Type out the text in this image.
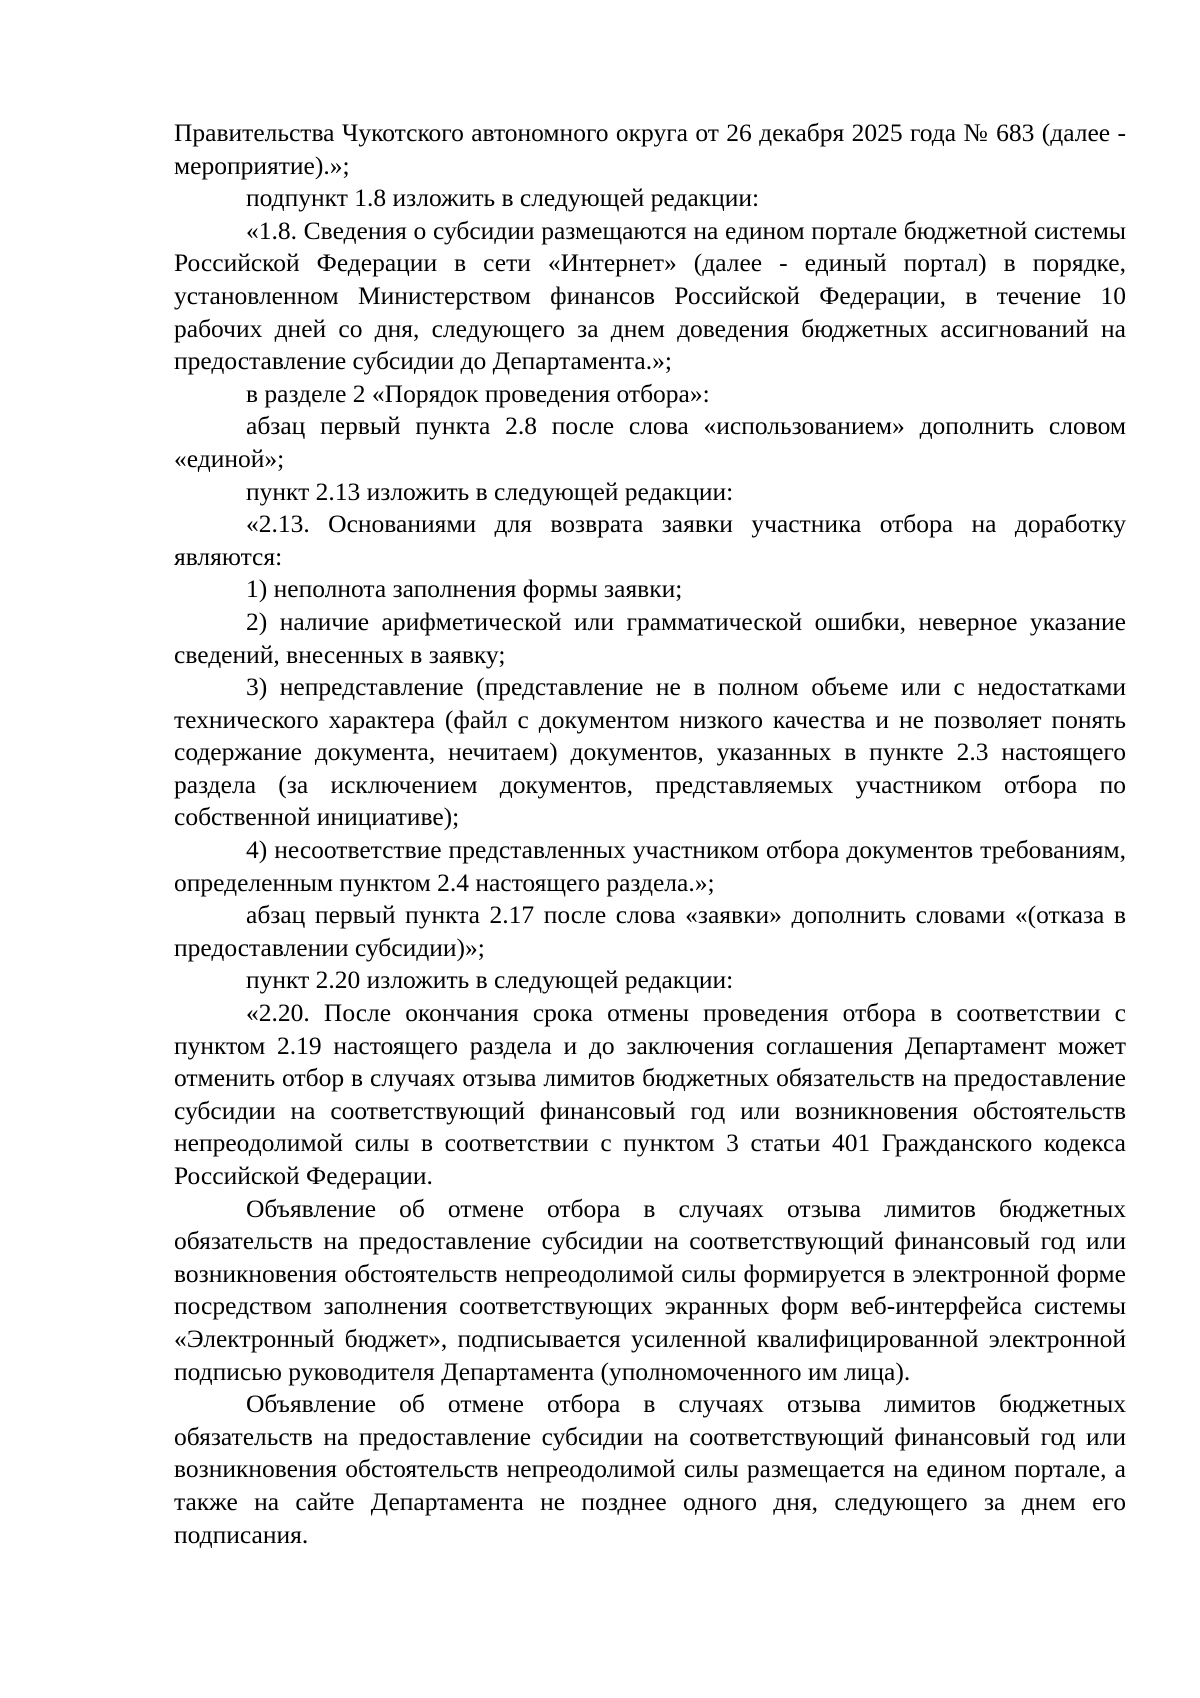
Правительства Чукотского автономного округа от 26 декабря 2025 года № 683 (далее - мероприятие).»;

подпункт 1.8 изложить в следующей редакции:

«1.8. Сведения о субсидии размещаются на едином портале бюджетной системы Российской Федерации в сети «Интернет» (далее - единый портал) в порядке, установленном Министерством финансов Российской Федерации, в течение 10 рабочих дней со дня, следующего за днем доведения бюджетных ассигнований на предоставление субсидии до Департамента.»;

в разделе 2 «Порядок проведения отбора»:

абзац первый пункта 2.8 после слова «использованием» дополнить словом «единой»;

пункт 2.13 изложить в следующей редакции:

«2.13. Основаниями для возврата заявки участника отбора на доработку являются:

1) неполнота заполнения формы заявки;

2) наличие арифметической или грамматической ошибки, неверное указание сведений, внесенных в заявку;

3) непредставление (представление не в полном объеме или с недостатками технического характера (файл с документом низкого качества и не позволяет понять содержание документа, нечитаем) документов, указанных в пункте 2.3 настоящего раздела (за исключением документов, представляемых участником отбора по собственной инициативе);

4) несоответствие представленных участником отбора документов требованиям, определенным пунктом 2.4 настоящего раздела.»;

абзац первый пункта 2.17 после слова «заявки» дополнить словами «(отказа в предоставлении субсидии)»;

пункт 2.20 изложить в следующей редакции:

«2.20. После окончания срока отмены проведения отбора в соответствии с пунктом 2.19 настоящего раздела и до заключения соглашения Департамент может отменить отбор в случаях отзыва лимитов бюджетных обязательств на предоставление субсидии на соответствующий финансовый год или возникновения обстоятельств непреодолимой силы в соответствии с пунктом 3 статьи 401 Гражданского кодекса Российской Федерации.

Объявление об отмене отбора в случаях отзыва лимитов бюджетных обязательств на предоставление субсидии на соответствующий финансовый год или возникновения обстоятельств непреодолимой силы формируется в электронной форме посредством заполнения соответствующих экранных форм веб-интерфейса системы «Электронный бюджет», подписывается усиленной квалифицированной электронной подписью руководителя Департамента (уполномоченного им лица).

Объявление об отмене отбора в случаях отзыва лимитов бюджетных обязательств на предоставление субсидии на соответствующий финансовый год или возникновения обстоятельств непреодолимой силы размещается на едином портале, а также на сайте Департамента не позднее одного дня, следующего за днем его подписания.
